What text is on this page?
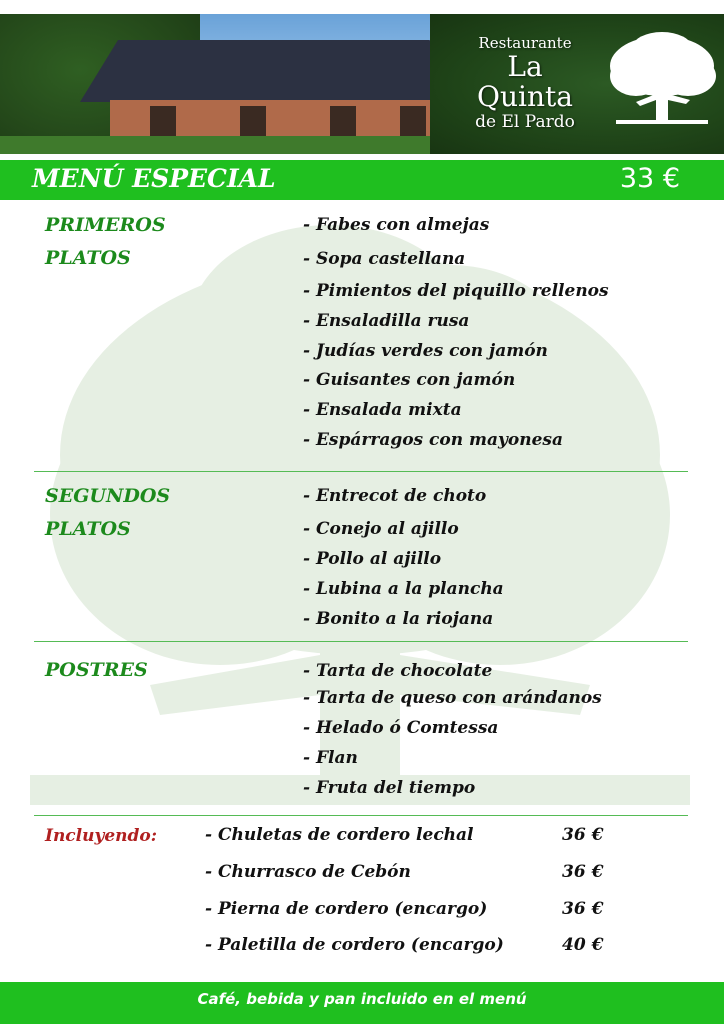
Restaurante
La Quinta
de El Pardo
MENÚ ESPECIAL	33 €
PRIMEROS
PLATOS
- Fabes con almejas
- Sopa castellana
- Pimientos del piquillo rellenos
- Ensaladilla rusa
- Judías verdes con jamón
- Guisantes con jamón
- Ensalada mixta
- Espárragos con mayonesa
SEGUNDOS
PLATOS
- Entrecot de choto
- Conejo al ajillo
- Pollo al ajillo
- Lubina a la plancha
- Bonito a la riojana
POSTRES	- Tarta de chocolate
- Tarta de queso con arándanos
- Helado ó Comtessa
- Flan
- Fruta del tiempo
Incluyendo:	- Chuletas de cordero lechal	36 €
- Churrasco de Cebón	36 €
- Pierna de cordero (encargo)	36 €
- Paletilla de cordero (encargo)	40 €
Café, bebida y pan incluido en el menú
